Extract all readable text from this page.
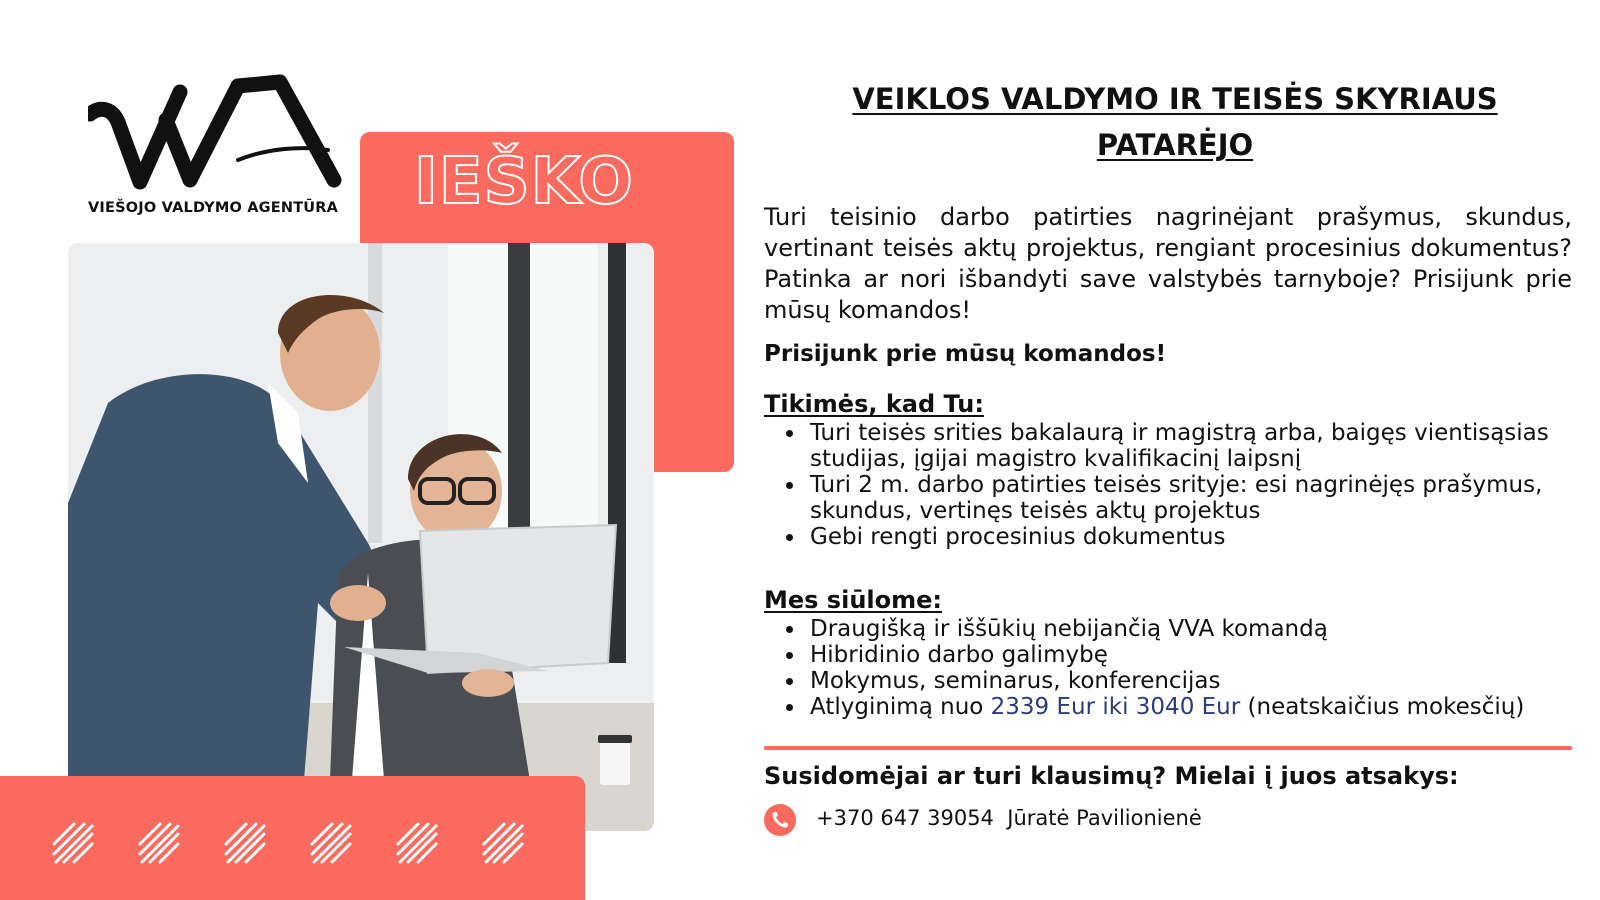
VIEŠOJO VALDYMO AGENTŪRA IEŠKO
VEIKLOS VALDYMO IR TEISĖS SKYRIAUS
PATARĖJO
Turi teisinio darbo patirties nagrinėjant prašymus, skundus, vertinant teisės aktų projektus, rengiant procesinius dokumentus? Patinka ar nori išbandyti save valstybės tarnyboje? Prisijunk prie mūsų komandos!
Prisijunk prie mūsų komandos!
Tikimės, kad Tu:
• Turi teisės srities bakalaurą ir magistrą arba, baigęs vientisąsias studijas, įgijai magistro kvalifikacinį laipsnį
• Turi 2 m. darbo patirties teisės srityje: esi nagrinėjęs prašymus, skundus, vertinęs teisės aktų projektus
• Gebi rengti procesinius dokumentus
Mes siūlome:
• Draugišką ir iššūkių nebijančią VVA komandą
• Hibridinio darbo galimybę
• Mokymus, seminarus, konferencijas
• Atlyginimą nuo 2339 Eur iki 3040 Eur (neatskaičius mokesčių)
Susidomėjai ar turi klausimų? Mielai į juos atsakys:
+370 647 39054 Jūratė Pavilionienė
